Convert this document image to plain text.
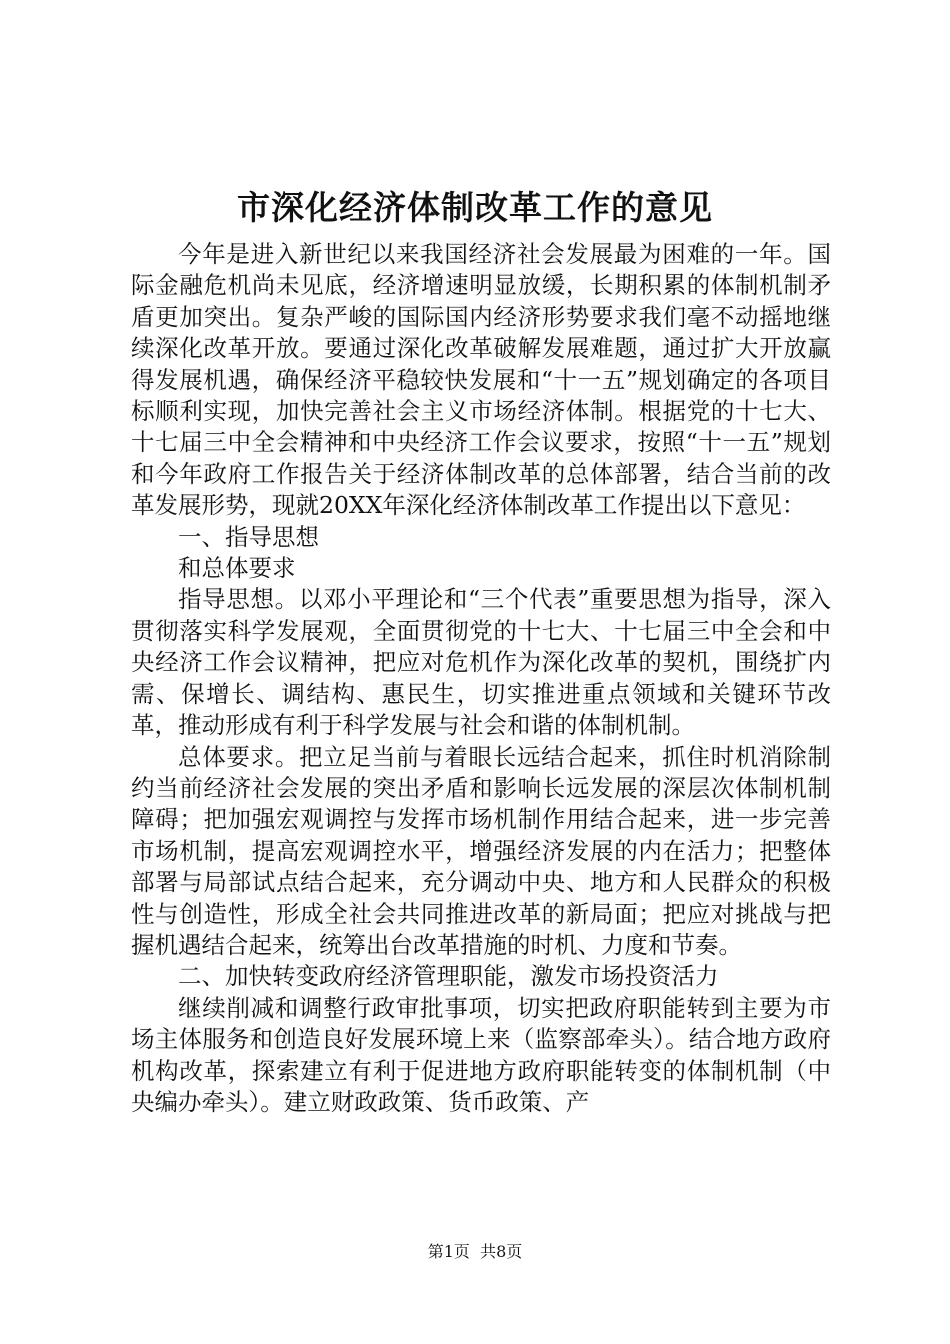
市深化经济体制改革工作的意见

今年是进入新世纪以来我国经济社会发展最为困难的一年。国际金融危机尚未见底，经济增速明显放缓，长期积累的体制机制矛盾更加突出。复杂严峻的国际国内经济形势要求我们毫不动摇地继续深化改革开放。要通过深化改革破解发展难题，通过扩大开放赢得发展机遇，确保经济平稳较快发展和“十一五”规划确定的各项目标顺利实现，加快完善社会主义市场经济体制。根据党的十七大、十七届三中全会精神和中央经济工作会议要求，按照“十一五”规划和今年政府工作报告关于经济体制改革的总体部署，结合当前的改革发展形势，现就20XX年深化经济体制改革工作提出以下意见：

一、指导思想

和总体要求

指导思想。以邓小平理论和“三个代表”重要思想为指导，深入贯彻落实科学发展观，全面贯彻党的十七大、十七届三中全会和中央经济工作会议精神，把应对危机作为深化改革的契机，围绕扩内需、保增长、调结构、惠民生，切实推进重点领域和关键环节改革，推动形成有利于科学发展与社会和谐的体制机制。

总体要求。把立足当前与着眼长远结合起来，抓住时机消除制约当前经济社会发展的突出矛盾和影响长远发展的深层次体制机制障碍；把加强宏观调控与发挥市场机制作用结合起来，进一步完善市场机制，提高宏观调控水平，增强经济发展的内在活力；把整体部署与局部试点结合起来，充分调动中央、地方和人民群众的积极性与创造性，形成全社会共同推进改革的新局面；把应对挑战与把握机遇结合起来，统筹出台改革措施的时机、力度和节奏。

二、加快转变政府经济管理职能，激发市场投资活力

继续削减和调整行政审批事项，切实把政府职能转到主要为市场主体服务和创造良好发展环境上来（监察部牵头）。结合地方政府机构改革，探索建立有利于促进地方政府职能转变的体制机制（中央编办牵头）。建立财政政策、货币政策、产

第1页 共8页
